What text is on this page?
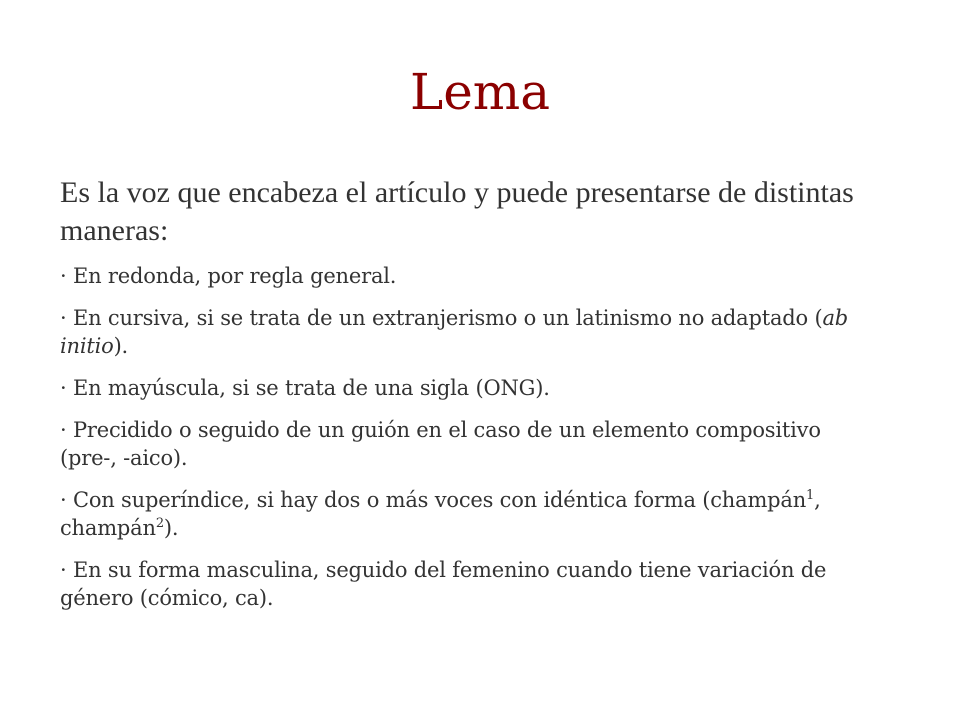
Lema

Es la voz que encabeza el artículo y puede presentarse de distintas maneras:

· En redonda, por regla general.

· En cursiva, si se trata de un extranjerismo o un latinismo no adaptado (ab initio).

· En mayúscula, si se trata de una sigla (ONG).

· Precidido o seguido de un guión en el caso de un elemento compositivo (pre-, -aico).

· Con superíndice, si hay dos o más voces con idéntica forma (champán$^1$, champán$^2$).

· En su forma masculina, seguido del femenino cuando tiene variación de género (cómico, ca).
